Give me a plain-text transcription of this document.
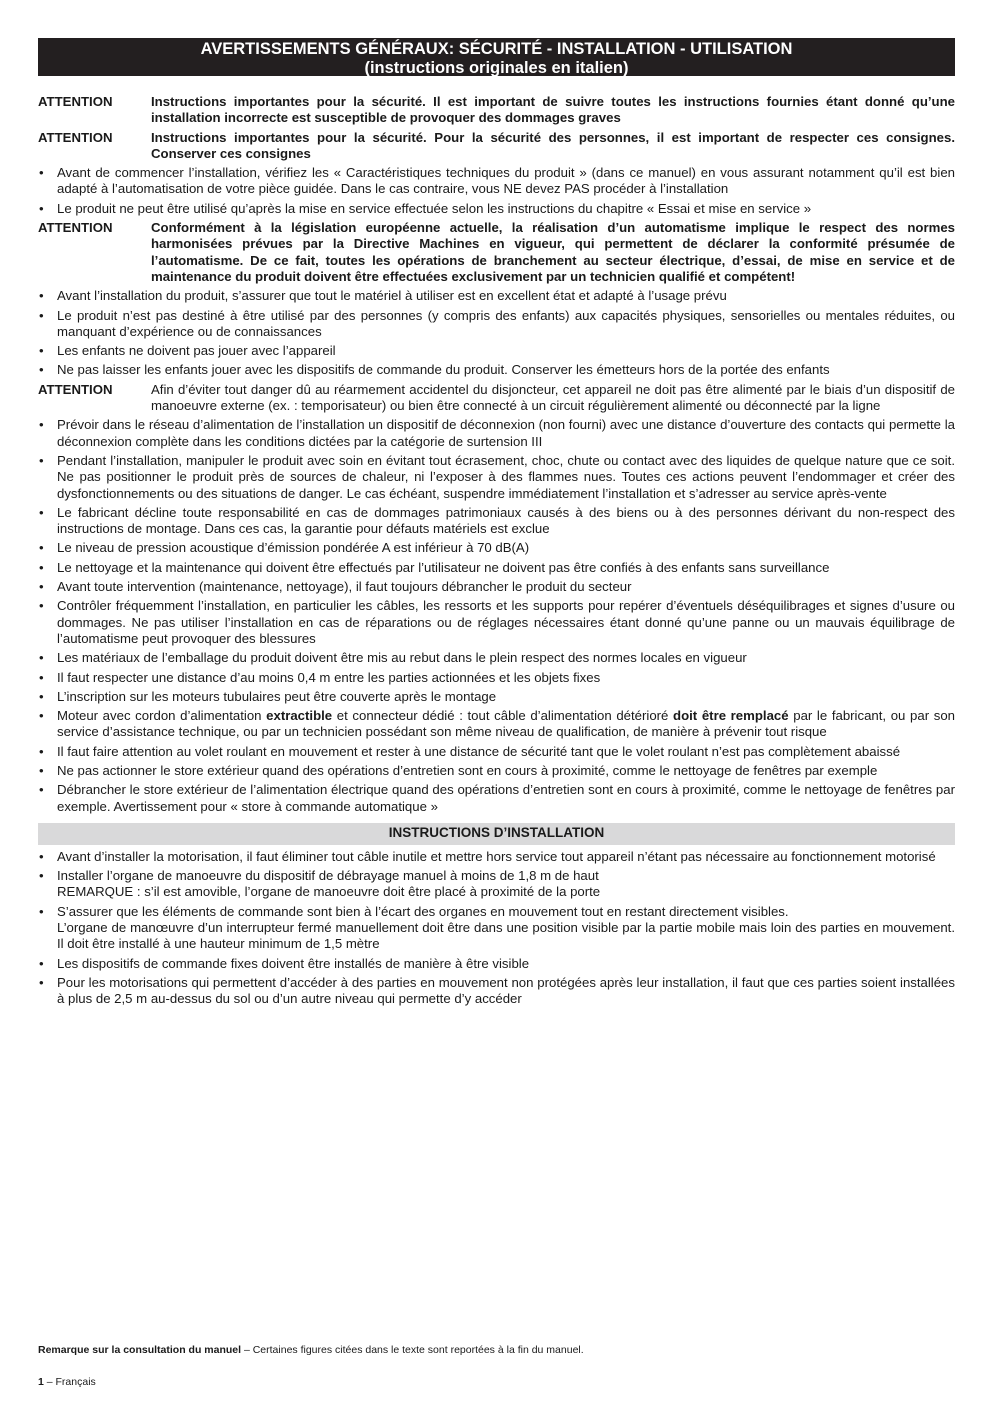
AVERTISSEMENTS GÉNÉRAUX: SÉCURITÉ - INSTALLATION - UTILISATION
(instructions originales en italien)
ATTENTION	Instructions importantes pour la sécurité. Il est important de suivre toutes les instructions fournies étant donné qu’une installation incorrecte est susceptible de provoquer des dommages graves
ATTENTION	Instructions importantes pour la sécurité. Pour la sécurité des personnes, il est important de respecter ces consignes. Conserver ces consignes
•	Avant de commencer l’installation, vérifiez les « Caractéristiques techniques du produit » (dans ce manuel) en vous assurant notamment qu’il est bien adapté à l’automatisation de votre pièce guidée. Dans le cas contraire, vous NE devez PAS procéder à l’installation
•	Le produit ne peut être utilisé qu’après la mise en service effectuée selon les instructions du chapitre « Essai et mise en service »
ATTENTION	Conformément à la législation européenne actuelle, la réalisation d’un automatisme implique le respect des normes harmonisées prévues par la Directive Machines en vigueur, qui permettent de déclarer la conformité présumée de l’automatisme. De ce fait, toutes les opérations de branchement au secteur électrique, d’essai, de mise en service et de maintenance du produit doivent être effectuées exclusivement par un technicien qualifié et compétent!
•	Avant l’installation du produit, s’assurer que tout le matériel à utiliser est en excellent état et adapté à l’usage prévu
•	Le produit n’est pas destiné à être utilisé par des personnes (y compris des enfants) aux capacités physiques, sensorielles ou mentales réduites, ou manquant d’expérience ou de connaissances
•	Les enfants ne doivent pas jouer avec l’appareil
•	Ne pas laisser les enfants jouer avec les dispositifs de commande du produit. Conserver les émetteurs hors de la portée des enfants
ATTENTION	Afin d’éviter tout danger dû au réarmement accidentel du disjoncteur, cet appareil ne doit pas être alimenté par le biais d’un dispositif de manoeuvre externe (ex. : temporisateur) ou bien être connecté à un circuit régulièrement alimenté ou déconnecté par la ligne
•	Prévoir dans le réseau d’alimentation de l’installation un dispositif de déconnexion (non fourni) avec une distance d’ouverture des contacts qui permette la déconnexion complète dans les conditions dictées par la catégorie de surtension III
•	Pendant l’installation, manipuler le produit avec soin en évitant tout écrasement, choc, chute ou contact avec des liquides de quelque nature que ce soit. Ne pas positionner le produit près de sources de chaleur, ni l’exposer à des flammes nues. Toutes ces actions peuvent l’endommager et créer des dysfonctionnements ou des situations de danger. Le cas échéant, suspendre immédiatement l’installation et s’adresser au service après-vente
•	Le fabricant décline toute responsabilité en cas de dommages patrimoniaux causés à des biens ou à des personnes dérivant du non-respect des instructions de montage. Dans ces cas, la garantie pour défauts matériels est exclue
•	Le niveau de pression acoustique d’émission pondérée A est inférieur à 70 dB(A)
•	Le nettoyage et la maintenance qui doivent être effectués par l’utilisateur ne doivent pas être confiés à des enfants sans surveillance
•	Avant toute intervention (maintenance, nettoyage), il faut toujours débrancher le produit du secteur
•	Contrôler fréquemment l’installation, en particulier les câbles, les ressorts et les supports pour repérer d’éventuels déséquilibrages et signes d’usure ou dommages. Ne pas utiliser l’installation en cas de réparations ou de réglages nécessaires étant donné qu’une panne ou un mauvais équilibrage de l’automatisme peut provoquer des blessures
•	Les matériaux de l’emballage du produit doivent être mis au rebut dans le plein respect des normes locales en vigueur
•	Il faut respecter une distance d’au moins 0,4 m entre les parties actionnées et les objets fixes
•	L’inscription sur les moteurs tubulaires peut être couverte après le montage
•	Moteur avec cordon d’alimentation extractible et connecteur dédié : tout câble d’alimentation détérioré doit être remplacé par le fabricant, ou par son service d’assistance technique, ou par un technicien possédant son même niveau de qualification, de manière à prévenir tout risque
•	Il faut faire attention au volet roulant en mouvement et rester à une distance de sécurité tant que le volet roulant n’est pas complètement abaissé
•	Ne pas actionner le store extérieur quand des opérations d’entretien sont en cours à proximité, comme le nettoyage de fenêtres par exemple
•	Débrancher le store extérieur de l’alimentation électrique quand des opérations d’entretien sont en cours à proximité, comme le nettoyage de fenêtres par exemple. Avertissement pour « store à commande automatique »
INSTRUCTIONS D’INSTALLATION
•	Avant d’installer la motorisation, il faut éliminer tout câble inutile et mettre hors service tout appareil n’étant pas nécessaire au fonctionnement motorisé
•	Installer l’organe de manoeuvre du dispositif de débrayage manuel à moins de 1,8 m de haut
REMARQUE : s’il est amovible, l’organe de manoeuvre doit être placé à proximité de la porte
•	S’assurer que les éléments de commande sont bien à l’écart des organes en mouvement tout en restant directement visibles.
L’organe de manœuvre d’un interrupteur fermé manuellement doit être dans une position visible par la partie mobile mais loin des parties en mouvement. Il doit être installé à une hauteur minimum de 1,5 mètre
•	Les dispositifs de commande fixes doivent être installés de manière à être visible
•	Pour les motorisations qui permettent d’accéder à des parties en mouvement non protégées après leur installation, il faut que ces parties soient installées à plus de 2,5 m au-dessus du sol ou d’un autre niveau qui permette d’y accéder
Remarque sur la consultation du manuel – Certaines figures citées dans le texte sont reportées à la fin du manuel.
1 – Français
